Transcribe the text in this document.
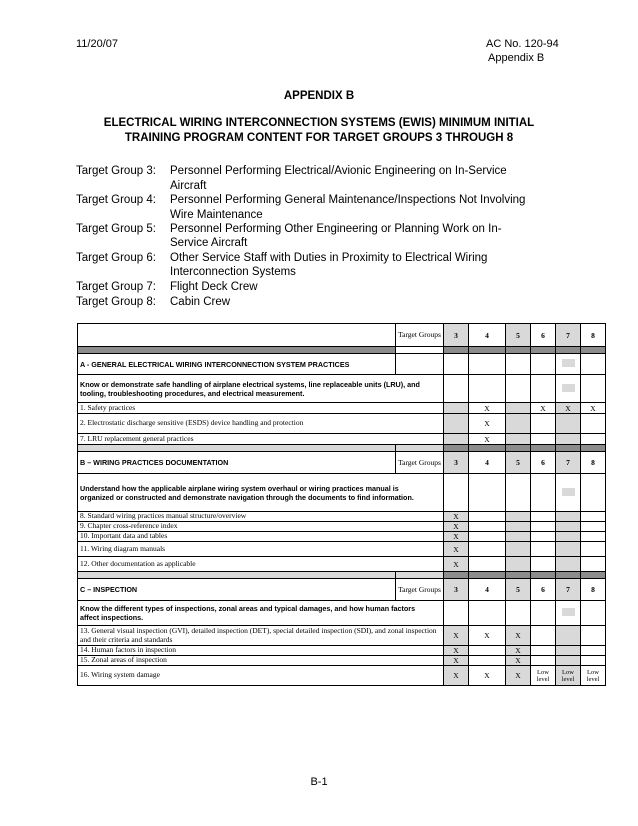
11/20/07	AC No. 120-94
Appendix B
APPENDIX B
ELECTRICAL WIRING INTERCONNECTION SYSTEMS (EWIS) MINIMUM INITIAL
TRAINING PROGRAM CONTENT FOR TARGET GROUPS 3 THROUGH 8
Target Group 3: Personnel Performing Electrical/Avionic Engineering on In-Service
Aircraft
Target Group 4: Personnel Performing General Maintenance/Inspections Not Involving
Wire Maintenance
Target Group 5: Personnel Performing Other Engineering or Planning Work on In-
Service Aircraft
Target Group 6: Other Service Staff with Duties in Proximity to Electrical Wiring
Interconnection Systems
Target Group 7: Flight Deck Crew
Target Group 8: Cabin Crew
	Target Groups	3	4	5	6	7	8

A - GENERAL ELECTRICAL WIRING INTERCONNECTION SYSTEM PRACTICES							
Know or demonstrate safe handling of airplane electrical systems, line replaceable units (LRU), and tooling, troubleshooting procedures, and electrical measurement.							
1. Safety practices			X		X	X	X

2. Electrostatic discharge sensitive (ESDS) device handling and protection			X				
7. LRU replacement general practices			X				

B – WIRING PRACTICES DOCUMENTATION	Target Groups	3	4	5	6	7	8

Understand how the applicable airplane wiring system overhaul or wiring practices manual is organized or constructed and demonstrate navigation through the documents to find information.							

8. Standard wiring practices manual structure/overview		X					
9. Chapter cross-reference index		X					
10. Important data and tables		X					
11. Wiring diagram manuals		X					
12. Other documentation as applicable		X					

C – INSPECTION	Target Groups	3	4	5	6	7	8

Know the different types of inspections, zonal areas and typical damages, and how human factors affect inspections.							

13. General visual inspection (GVI), detailed inspection (DET), special detailed inspection (SDI), and zonal inspection and their criteria and standards		X	X	X			
14. Human factors in inspection		X		X			
15. Zonal areas of inspection		X		X			
16. Wiring system damage		X	X	X	Low level	Low level	Low level
B-1
